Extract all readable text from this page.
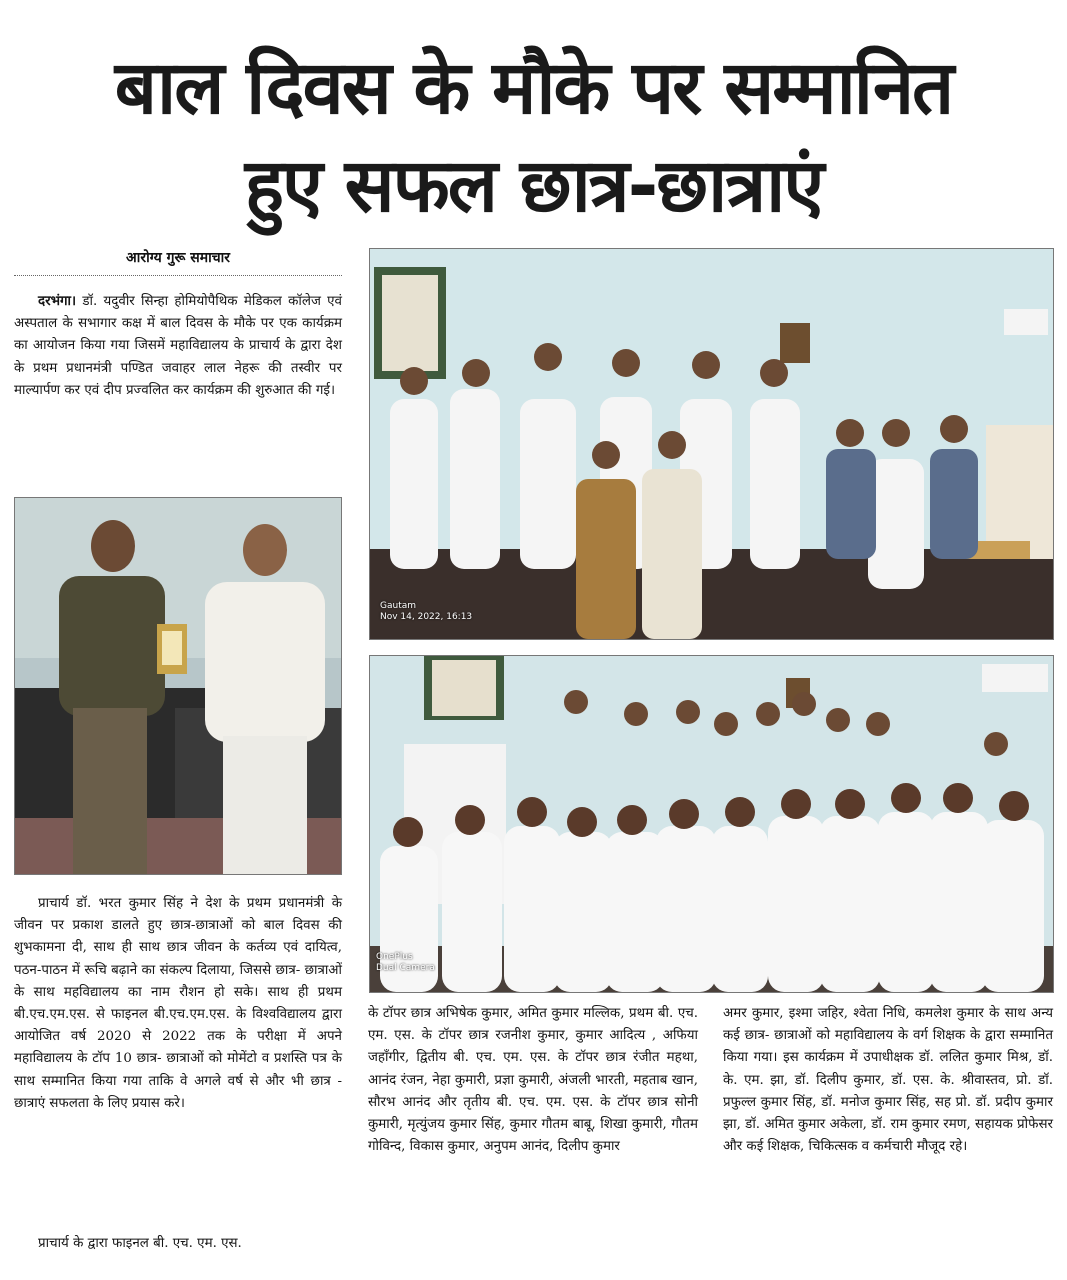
बाल दिवस के मौके पर सम्मानित
हुए सफल छात्र-छात्राएं
आरोग्य गुरू समाचार

दरभंगा। डॉ. यदुवीर सिन्हा होमियोपैथिक मेडिकल कॉलेज एवं अस्पताल के सभागार कक्ष में बाल दिवस के मौके पर एक कार्यक्रम का आयोजन किया गया जिसमें महाविद्यालय के प्राचार्य के द्वारा देश के प्रथम प्रधानमंत्री पण्डित जवाहर लाल नेहरू की तस्वीर पर माल्यार्पण कर एवं दीप प्रज्वलित कर कार्यक्रम की शुरुआत की गई।

Gautam
Nov 14, 2022, 16:13
OnePlus
Dual Camera

प्राचार्य डॉ. भरत कुमार सिंह ने देश के प्रथम प्रधानमंत्री के जीवन पर प्रकाश डालते हुए छात्र-छात्राओं को बाल दिवस की शुभकामना दी, साथ ही साथ छात्र जीवन के कर्तव्य एवं दायित्व, पठन-पाठन में रूचि बढ़ाने का संकल्प दिलाया, जिससे छात्र- छात्राओं के साथ महविद्यालय का नाम रौशन हो सके। साथ ही प्रथम बी.एच.एम.एस. से फाइनल बी.एच.एम.एस. के विश्वविद्यालय द्वारा आयोजित वर्ष 2020 से 2022 तक के परीक्षा में अपने महाविद्यालय के टॉप 10 छात्र- छात्राओं को मोमेंटो व प्रशस्ति पत्र के साथ सम्मानित किया गया ताकि वे अगले वर्ष से और भी छात्र - छात्राएं सफलता के लिए प्रयास करे।

प्राचार्य के द्वारा फाइनल बी. एच. एम. एस.

के टॉपर छात्र अभिषेक कुमार, अमित कुमार मल्लिक, प्रथम बी. एच. एम. एस. के टॉपर छात्र रजनीश कुमार, कुमार आदित्य , अफिया जहाँगीर, द्वितीय बी. एच. एम. एस. के टॉपर छात्र रंजीत महथा, आनंद रंजन, नेहा कुमारी, प्रज्ञा कुमारी, अंजली भारती, महताब खान, सौरभ आनंद और तृतीय बी. एच. एम. एस. के टॉपर छात्र सोनी कुमारी, मृत्युंजय कुमार सिंह, कुमार गौतम बाबू, शिखा कुमारी, गौतम गोविन्द, विकास कुमार, अनुपम आनंद, दिलीप कुमार

अमर कुमार, इश्मा जहिर, श्वेता निधि, कमलेश कुमार के साथ अन्य कई छात्र- छात्राओं को महाविद्यालय के वर्ग शिक्षक के द्वारा सम्मानित किया गया। इस कार्यक्रम में उपाधीक्षक डॉ. ललित कुमार मिश्र, डॉ. के. एम. झा, डॉ. दिलीप कुमार, डॉ. एस. के. श्रीवास्तव, प्रो. डॉ. प्रफुल्ल कुमार सिंह, डॉ. मनोज कुमार सिंह, सह प्रो. डॉ. प्रदीप कुमार झा, डॉ. अमित कुमार अकेला, डॉ. राम कुमार रमण, सहायक प्रोफेसर और कई शिक्षक, चिकित्सक व कर्मचारी मौजूद रहे।
